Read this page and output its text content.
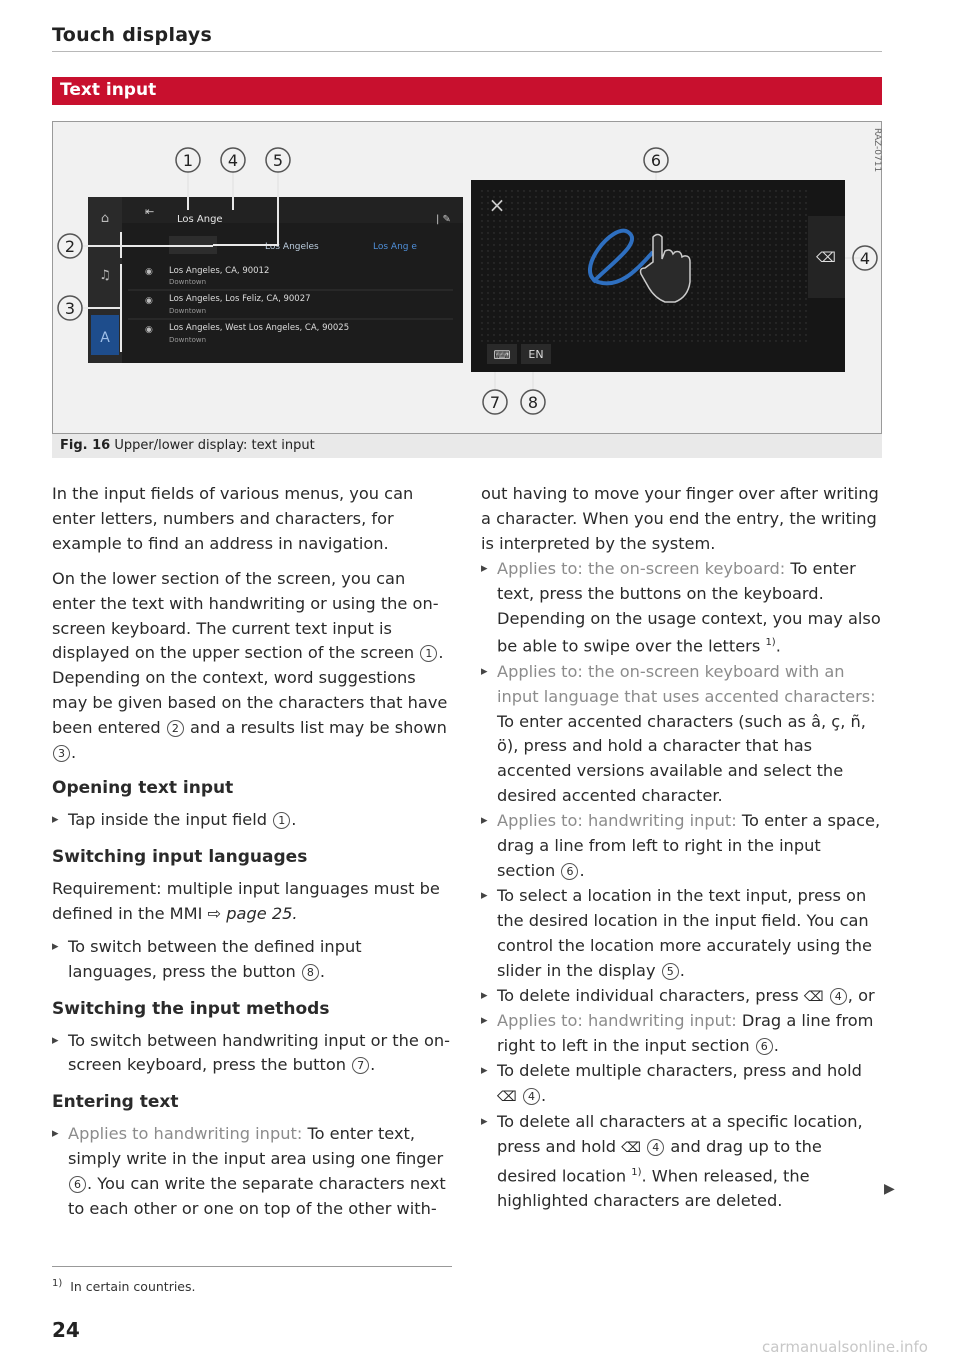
Touch displays
Text input
A
⌂
♫
⇤
Los Ange	| ✎
Los Angeles	Los Ang e
◉ Los Angeles, CA, 90012
Downtown
◉ Los Angeles, Los Feliz, CA, 90027
Downtown
◉ Los Angeles, West Los Angeles, CA, 90025
Downtown
1 4 5
2
3
6
4
7 8
×
⌫
⌨ EN
RAZ-0711
Fig. 16 Upper/lower display: text input

In the input fields of various menus, you can enter letters, numbers and characters, for example to find an address in navigation.

On the lower section of the screen, you can enter the text with handwriting or using the on-screen keyboard. The current text input is displayed on the upper section of the screen 1 . Depending on the context, word suggestions may be given based on the characters that have been entered 2 and a results list may be shown 3 .

Opening text input
▸ Tap inside the input field 1 .
Switching input languages

Requirement: multiple input languages must be defined in the MMI ⇨ page 25.

▸ To switch between the defined input languages, press the button 8 .
Switching the input methods
▸ To switch between handwriting input or the on-screen keyboard, press the button 7 .
Entering text
▸ Applies to handwriting input: To enter text, simply write in the input area using one finger 6 . You can write the separate characters next to each other or one on top of the other with-

out having to move your finger over after writing a character. When you end the entry, the writing is interpreted by the system.

▸ Applies to: the on-screen keyboard: To enter text, press the buttons on the keyboard. Depending on the usage context, you may also be able to swipe over the letters $^{1)}$.
▸ Applies to: the on-screen keyboard with an input language that uses accented characters: To enter accented characters (such as â, ç, ñ, ö), press and hold a character that has accented versions available and select the desired accented character.
▸ Applies to: handwriting input: To enter a space, drag a line from left to right in the input section 6 .
▸ To select a location in the text input, press on the desired location in the input field. You can control the location more accurately using the slider in the display 5 .
▸ To delete individual characters, press ⌫ 4 , or
▸ Applies to: handwriting input: Drag a line from right to left in the input section 6 .
▸ To delete multiple characters, press and hold
⌫ 4 .
▸ To delete all characters at a specific location, press and hold ⌫ 4 and drag up to the desired location $^{1)}$. When released, the highlighted characters are deleted.
▶
$^{1)}$ In certain countries.
24
carmanualsonline.info
